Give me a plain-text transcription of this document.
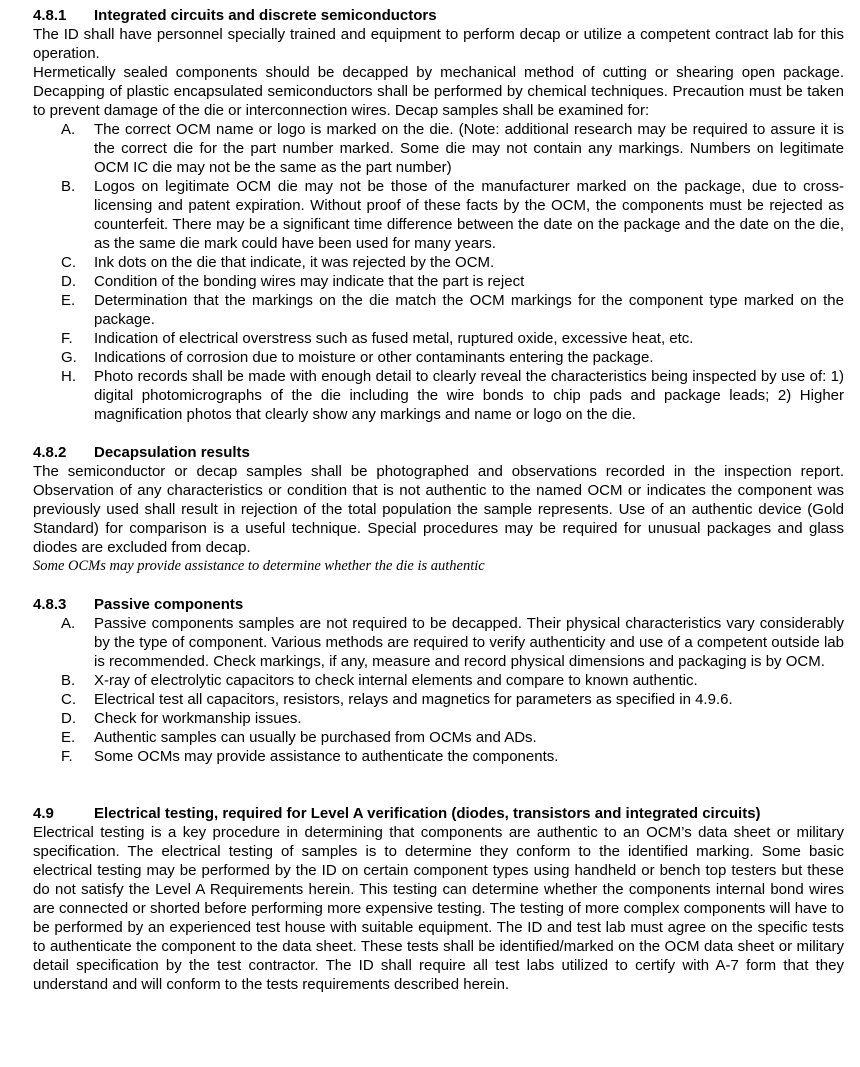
4.8.1	Integrated circuits and discrete semiconductors

The ID shall have personnel specially trained and equipment to perform decap or utilize a competent contract lab for this operation.

Hermetically sealed components should be decapped by mechanical method of cutting or shearing open package. Decapping of plastic encapsulated semiconductors shall be performed by chemical techniques. Precaution must be taken to prevent damage of the die or interconnection wires. Decap samples shall be examined for:

A.	The correct OCM name or logo is marked on the die. (Note: additional research may be required to assure it is the correct die for the part number marked. Some die may not contain any markings. Numbers on legitimate OCM IC die may not be the same as the part number)
B.	Logos on legitimate OCM die may not be those of the manufacturer marked on the package, due to cross-licensing and patent expiration. Without proof of these facts by the OCM, the components must be rejected as counterfeit. There may be a significant time difference between the date on the package and the date on the die, as the same die mark could have been used for many years.
C.	Ink dots on the die that indicate, it was rejected by the OCM.
D.	Condition of the bonding wires may indicate that the part is reject
E.	Determination that the markings on the die match the OCM markings for the component type marked on the package.
F.	Indication of electrical overstress such as fused metal, ruptured oxide, excessive heat, etc.
G.	Indications of corrosion due to moisture or other contaminants entering the package.
H.	Photo records shall be made with enough detail to clearly reveal the characteristics being inspected by use of: 1) digital photomicrographs of the die including the wire bonds to chip pads and package leads; 2) Higher magnification photos that clearly show any markings and name or logo on the die.
4.8.2	Decapsulation results

The semiconductor or decap samples shall be photographed and observations recorded in the inspection report. Observation of any characteristics or condition that is not authentic to the named OCM or indicates the component was previously used shall result in rejection of the total population the sample represents. Use of an authentic device (Gold Standard) for comparison is a useful technique. Special procedures may be required for unusual packages and glass diodes are excluded from decap.

Some OCMs may provide assistance to determine whether the die is authentic

4.8.3	Passive components
A.	Passive components samples are not required to be decapped. Their physical characteristics vary considerably by the type of component. Various methods are required to verify authenticity and use of a competent outside lab is recommended. Check markings, if any, measure and record physical dimensions and packaging is by OCM.
B.	X-ray of electrolytic capacitors to check internal elements and compare to known authentic.
C.	Electrical test all capacitors, resistors, relays and magnetics for parameters as specified in 4.9.6.
D.	Check for workmanship issues.
E.	Authentic samples can usually be purchased from OCMs and ADs.
F.	Some OCMs may provide assistance to authenticate the components.
4.9	Electrical testing, required for Level A verification (diodes, transistors and integrated circuits)

Electrical testing is a key procedure in determining that components are authentic to an OCM’s data sheet or military specification. The electrical testing of samples is to determine they conform to the identified marking. Some basic electrical testing may be performed by the ID on certain component types using handheld or bench top testers but these do not satisfy the Level A Requirements herein. This testing can determine whether the components internal bond wires are connected or shorted before performing more expensive testing. The testing of more complex components will have to be performed by an experienced test house with suitable equipment. The ID and test lab must agree on the specific tests to authenticate the component to the data sheet. These tests shall be identified/marked on the OCM data sheet or military detail specification by the test contractor. The ID shall require all test labs utilized to certify with A-7 form that they understand and will conform to the tests requirements described herein.
